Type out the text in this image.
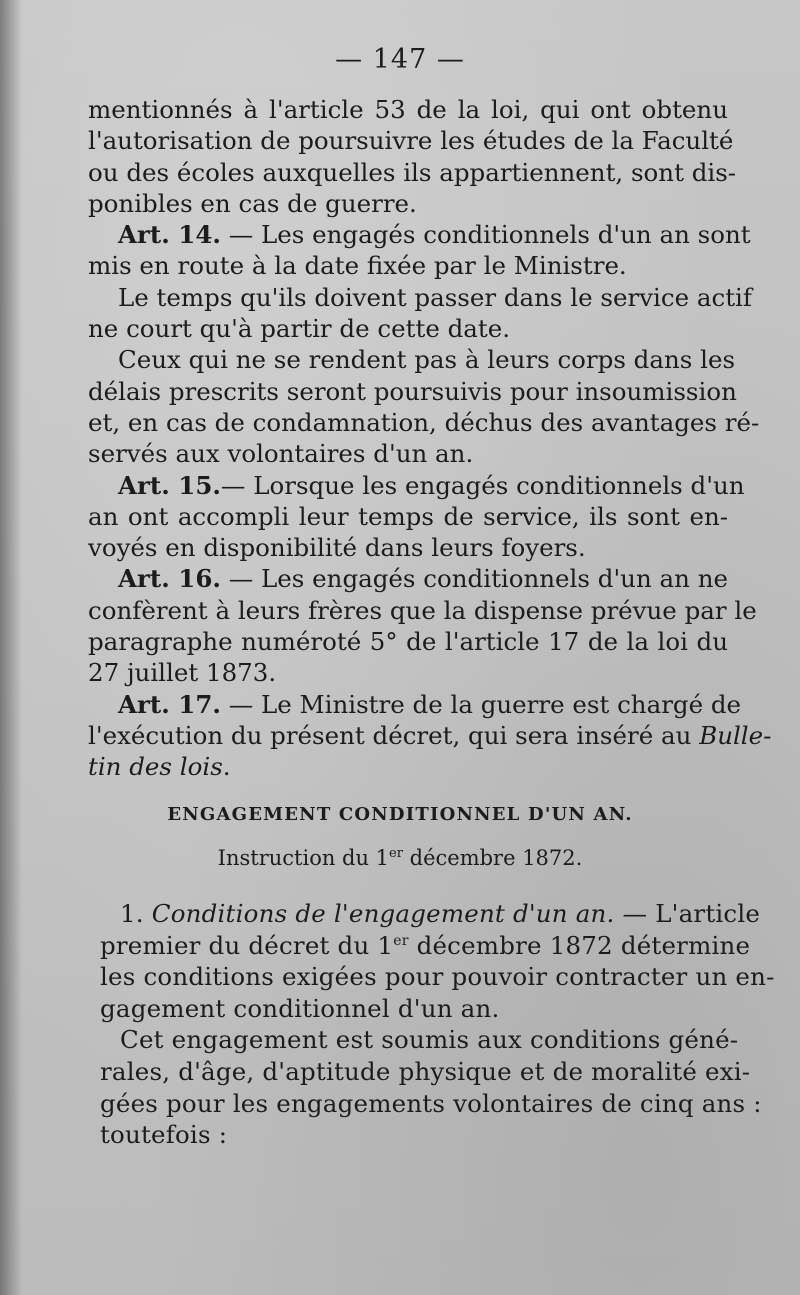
— 147 —
mentionnés à l'article 53 de la loi, qui ont obtenu
l'autorisation de poursuivre les études de la Faculté
ou des écoles auxquelles ils appartiennent, sont dis-
ponibles en cas de guerre.
Art. 14. — Les engagés conditionnels d'un an sont
mis en route à la date fixée par le Ministre.
Le temps qu'ils doivent passer dans le service actif
ne court qu'à partir de cette date.
Ceux qui ne se rendent pas à leurs corps dans les
délais prescrits seront poursuivis pour insoumission
et, en cas de condamnation, déchus des avantages ré-
servés aux volontaires d'un an.
Art. 15.— Lorsque les engagés conditionnels d'un
an ont accompli leur temps de service, ils sont en-
voyés en disponibilité dans leurs foyers.
Art. 16. — Les engagés conditionnels d'un an ne
confèrent à leurs frères que la dispense prévue par le
paragraphe numéroté 5° de l'article 17 de la loi du
27 juillet 1873.
Art. 17. — Le Ministre de la guerre est chargé de
l'exécution du présent décret, qui sera inséré au Bulle-
tin des lois.
ENGAGEMENT CONDITIONNEL D'UN AN.
Instruction du 1er décembre 1872.
1. Conditions de l'engagement d'un an. — L'article
premier du décret du 1er décembre 1872 détermine
les conditions exigées pour pouvoir contracter un en-
gagement conditionnel d'un an.
Cet engagement est soumis aux conditions géné-
rales, d'âge, d'aptitude physique et de moralité exi-
gées pour les engagements volontaires de cinq ans :
toutefois :
